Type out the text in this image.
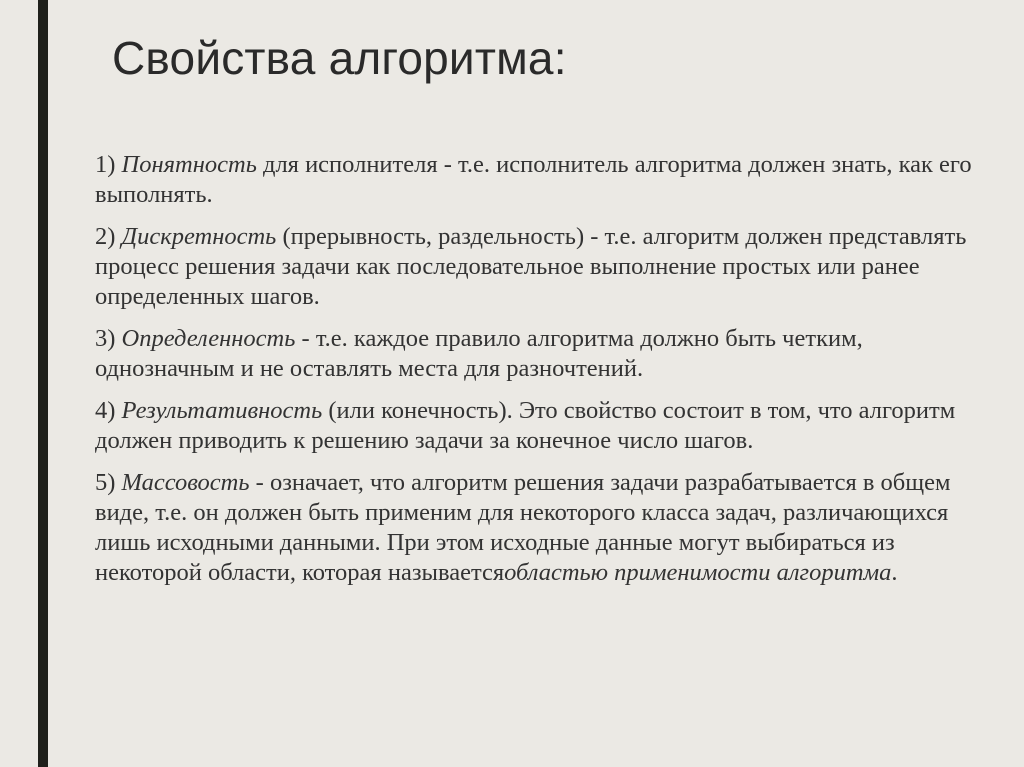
Свойства алгоритма:

1) Понятность для исполнителя - т.е. исполнитель алгоритма должен знать, как его выполнять.

2) Дискретность (прерывность, раздельность) - т.е. алгоритм должен представлять процесс решения задачи как последовательное выполнение простых или ранее определенных шагов.

3) Определенность - т.е. каждое правило алгоритма должно быть четким, однозначным и не оставлять места для разночтений.

4) Результативность (или конечность). Это свойство состоит в том, что алгоритм должен приводить к решению задачи за конечное число шагов.

5) Массовость - означает, что алгоритм решения задачи разрабатывается в общем виде, т.е. он должен быть применим для некоторого класса задач, различающихся лишь исходными данными. При этом исходные данные могут выбираться из некоторой области, которая называетсяобластью применимости алгоритма.
